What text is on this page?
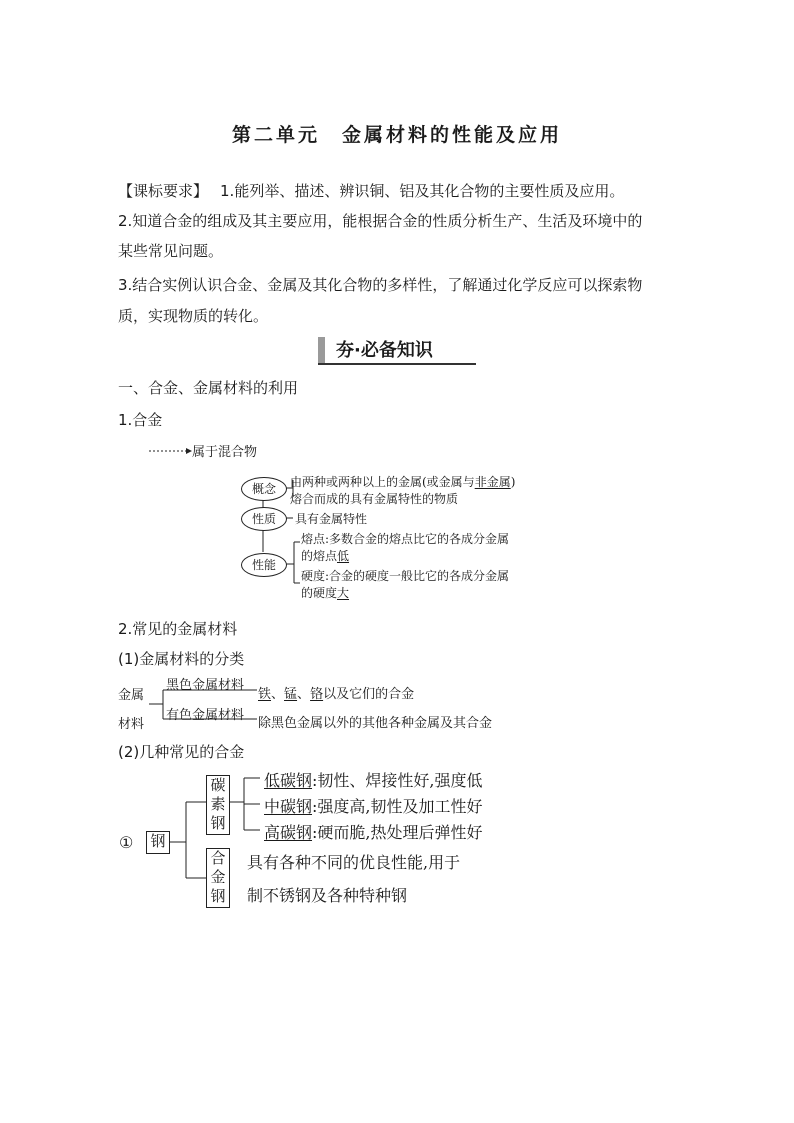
第二单元　金属材料的性能及应用
【课标要求】 1.能列举、描述、辨识铜、铝及其化合物的主要性质及应用。
2.知道合金的组成及其主要应用，能根据合金的性质分析生产、生活及环境中的
某些常见问题。
3.结合实例认识合金、金属及其化合物的多样性，了解通过化学反应可以探索物
质，实现物质的转化。
夯·必备知识
一、合金、金属材料的利用
1.合金
属于混合物
概念	由两种或两种以上的金属(或金属与非金属)
熔合而成的具有金属特性的物质
性质	具有金属特性
性能
熔点:多数合金的熔点比它的各成分金属
的熔点低
硬度:合金的硬度一般比它的各成分金属
的硬度大
2.常见的金属材料
(1)金属材料的分类
金属
材料
黑色金属材料
铁、锰、铬以及它们的合金
有色金属材料
除黑色金属以外的其他各种金属及其合金
(2)几种常见的合金
① 钢
碳
素
钢
低碳钢:韧性、焊接性好,强度低
中碳钢:强度高,韧性及加工性好
高碳钢:硬而脆,热处理后弹性好
合
金
钢
具有各种不同的优良性能,用于
制不锈钢及各种特种钢
